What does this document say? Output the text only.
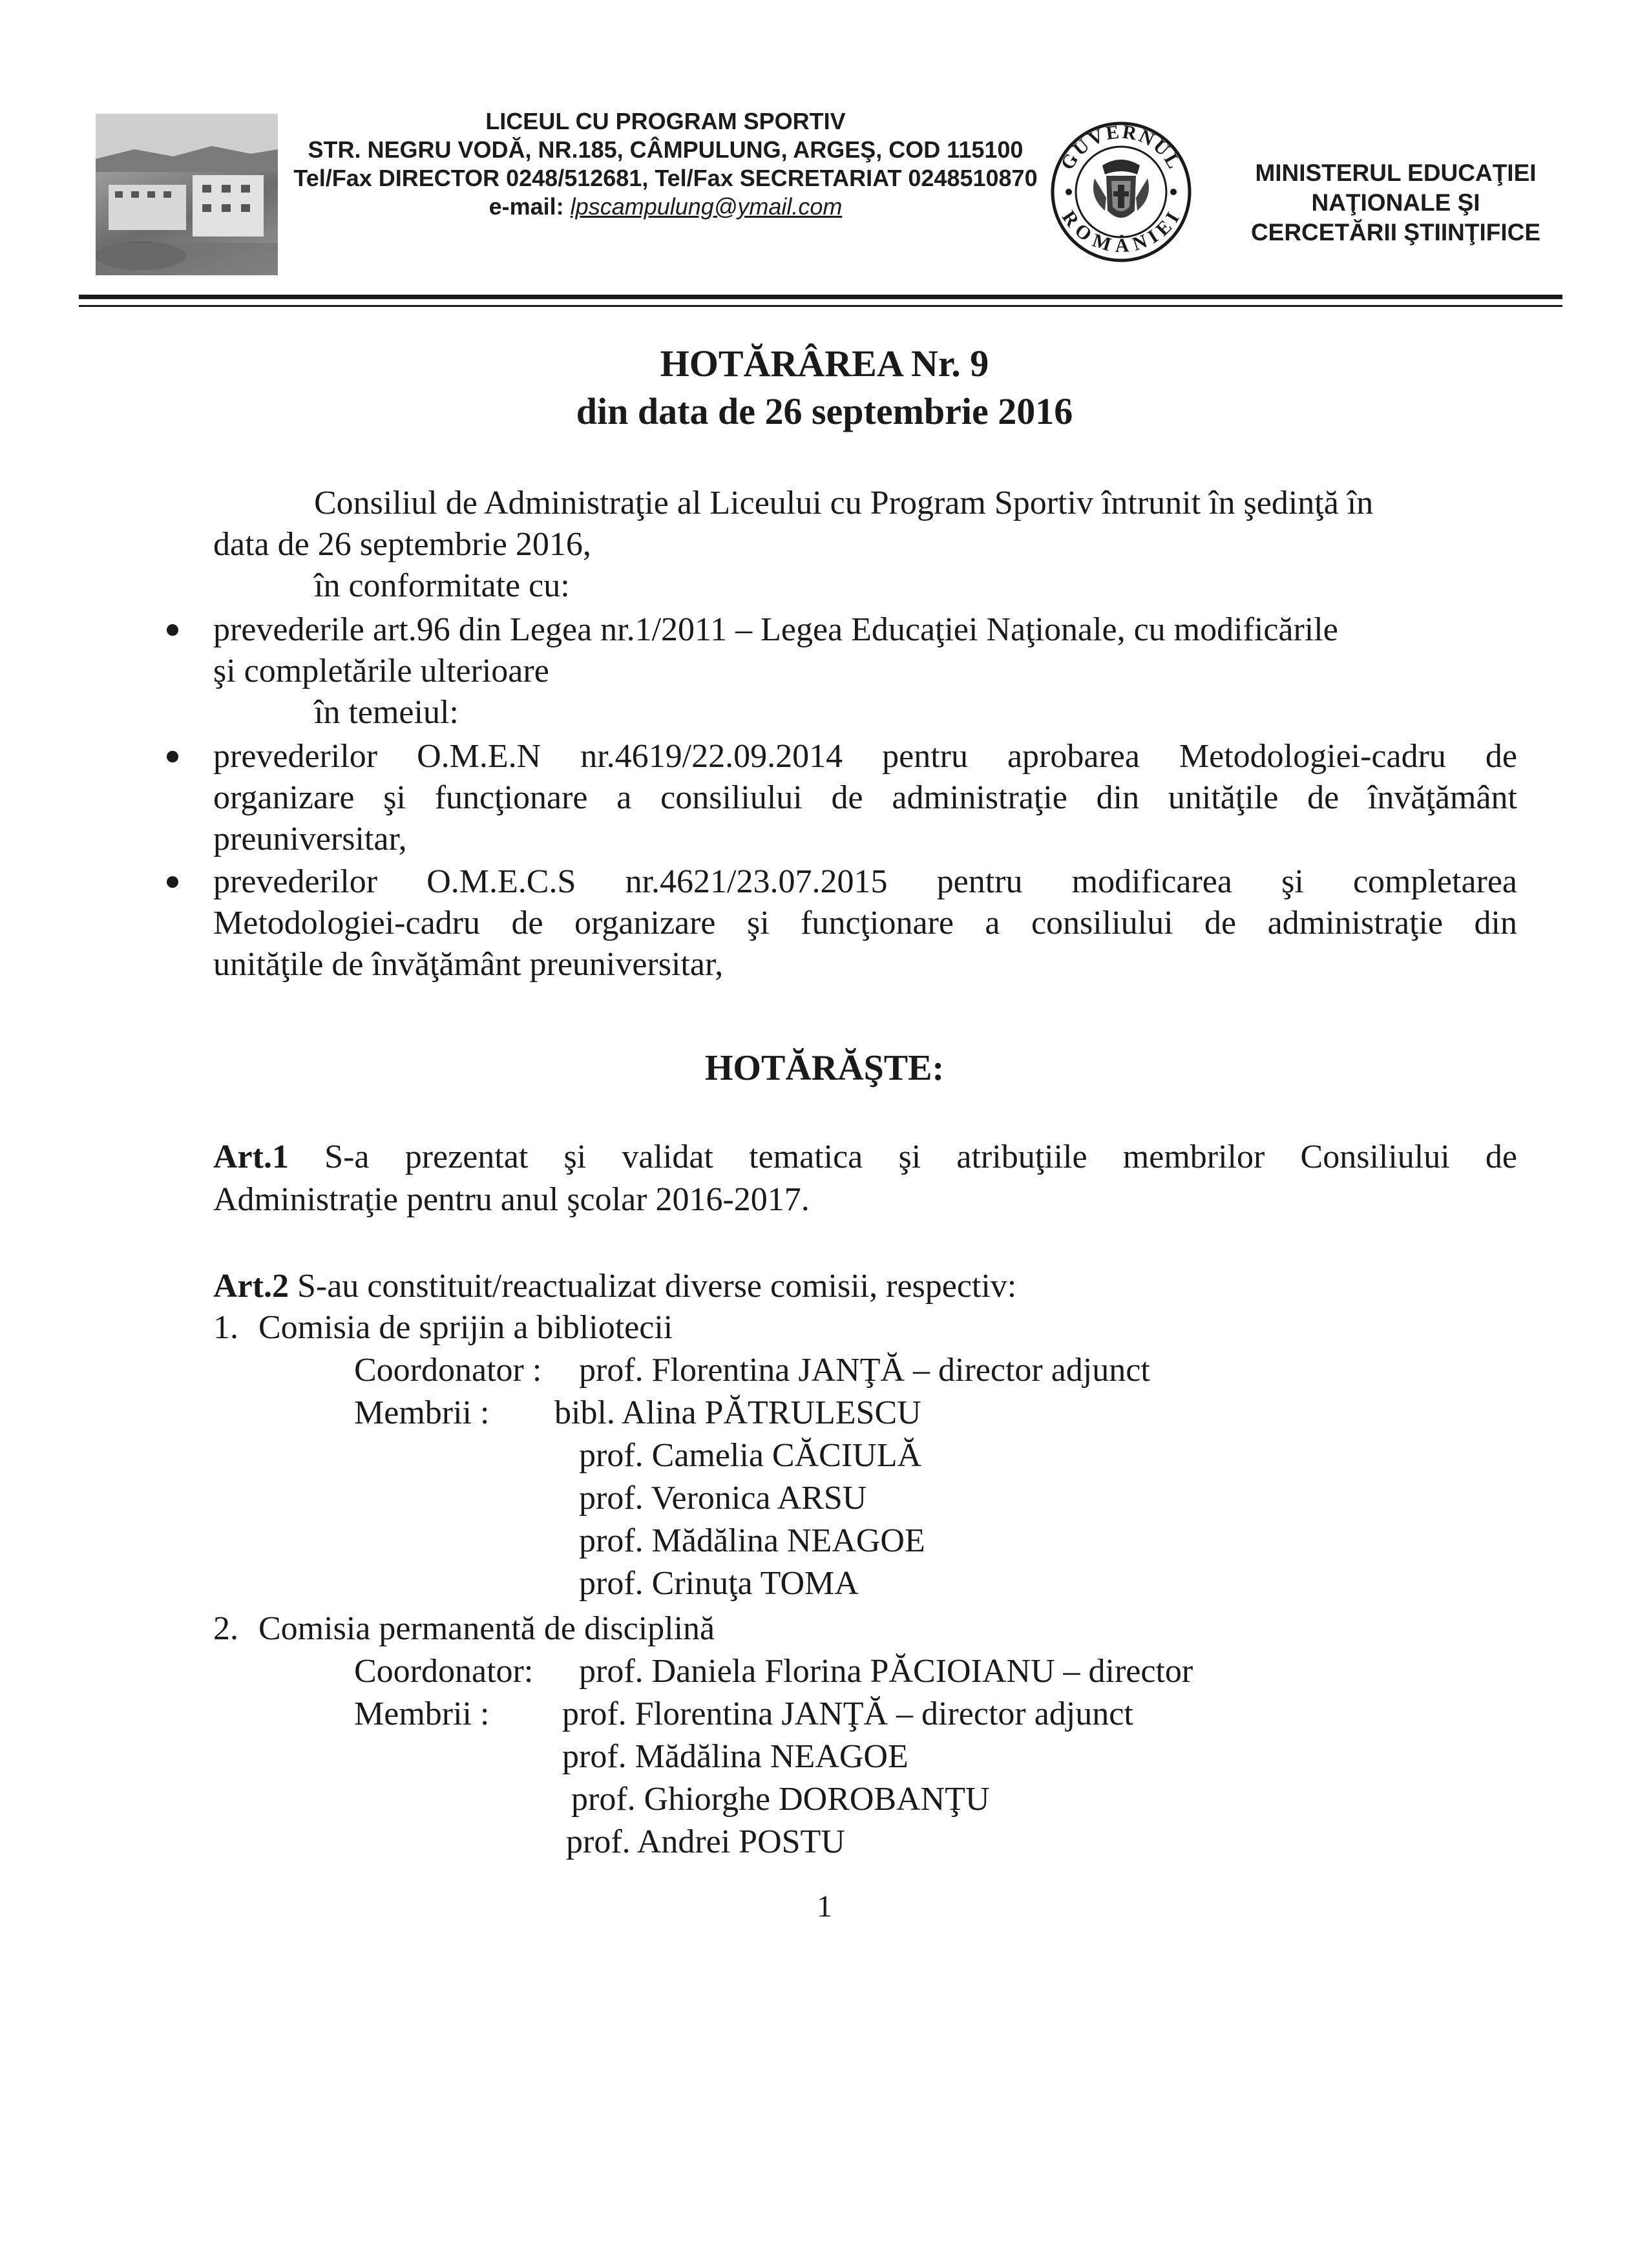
LICEUL CU PROGRAM SPORTIV
STR. NEGRU VODĂ, NR.185, CÂMPULUNG, ARGEŞ, COD 115100
Tel/Fax DIRECTOR 0248/512681, Tel/Fax SECRETARIAT 0248510870
e-mail: lpscampulung@ymail.com
GUVERNUL
ROMÂNIEI
MINISTERUL EDUCAŢIEI
NAŢIONALE ŞI
CERCETĂRII ŞTIINŢIFICE
HOTĂRÂREA Nr. 9
din data de 26 septembrie 2016
Consiliul de Administraţie al Liceului cu Program Sportiv întrunit în şedinţă în
data de 26 septembrie 2016,
în conformitate cu:
prevederile art.96 din Legea nr.1/2011 – Legea Educaţiei Naţionale, cu modificările
şi completările ulterioare
în temeiul:
prevederilor O.M.E.N nr.4619/22.09.2014 pentru aprobarea Metodologiei-cadru de
organizare şi funcţionare a consiliului de administraţie din unităţile de învăţământ
preuniversitar,
prevederilor O.M.E.C.S nr.4621/23.07.2015 pentru modificarea şi completarea
Metodologiei-cadru de organizare şi funcţionare a consiliului de administraţie din
unităţile de învăţământ preuniversitar,
HOTĂRĂŞTE:
Art.1 S-a prezentat şi validat tematica şi atribuţiile membrilor Consiliului de
Administraţie pentru anul şcolar 2016-2017.
Art.2 S-au constituit/reactualizat diverse comisii, respectiv:
1. Comisia de sprijin a bibliotecii
Coordonator : prof. Florentina JANŢĂ – director adjunct
Membrii : bibl. Alina PĂTRULESCU
prof. Camelia CĂCIULĂ
prof. Veronica ARSU
prof. Mădălina NEAGOE
prof. Crinuţa TOMA
2. Comisia permanentă de disciplină
Coordonator: prof. Daniela Florina PĂCIOIANU – director
Membrii : prof. Florentina JANŢĂ – director adjunct
prof. Mădălina NEAGOE
prof. Ghiorghe DOROBANŢU
prof. Andrei POSTU
1
